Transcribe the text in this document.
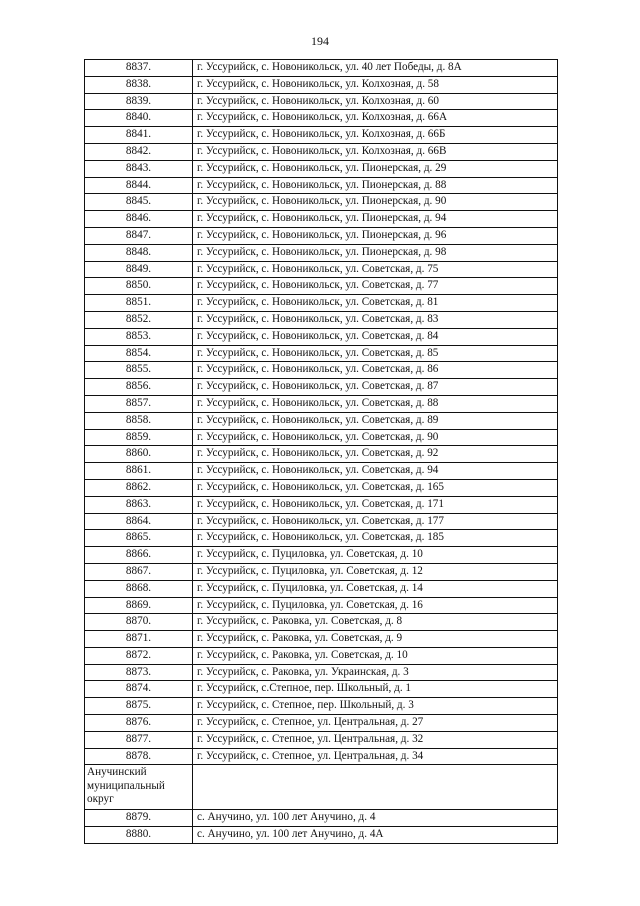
194
8837.	г. Уссурийск, с. Новоникольск, ул. 40 лет Победы, д. 8А
8838.	г. Уссурийск, с. Новоникольск, ул. Колхозная, д. 58
8839.	г. Уссурийск, с. Новоникольск, ул. Колхозная, д. 60
8840.	г. Уссурийск, с. Новоникольск, ул. Колхозная, д. 66А
8841.	г. Уссурийск, с. Новоникольск, ул. Колхозная, д. 66Б
8842.	г. Уссурийск, с. Новоникольск, ул. Колхозная, д. 66В
8843.	г. Уссурийск, с. Новоникольск, ул. Пионерская, д. 29
8844.	г. Уссурийск, с. Новоникольск, ул. Пионерская, д. 88
8845.	г. Уссурийск, с. Новоникольск, ул. Пионерская, д. 90
8846.	г. Уссурийск, с. Новоникольск, ул. Пионерская, д. 94
8847.	г. Уссурийск, с. Новоникольск, ул. Пионерская, д. 96
8848.	г. Уссурийск, с. Новоникольск, ул. Пионерская, д. 98
8849.	г. Уссурийск, с. Новоникольск, ул. Советская, д. 75
8850.	г. Уссурийск, с. Новоникольск, ул. Советская, д. 77
8851.	г. Уссурийск, с. Новоникольск, ул. Советская, д. 81
8852.	г. Уссурийск, с. Новоникольск, ул. Советская, д. 83
8853.	г. Уссурийск, с. Новоникольск, ул. Советская, д. 84
8854.	г. Уссурийск, с. Новоникольск, ул. Советская, д. 85
8855.	г. Уссурийск, с. Новоникольск, ул. Советская, д. 86
8856.	г. Уссурийск, с. Новоникольск, ул. Советская, д. 87
8857.	г. Уссурийск, с. Новоникольск, ул. Советская, д. 88
8858.	г. Уссурийск, с. Новоникольск, ул. Советская, д. 89
8859.	г. Уссурийск, с. Новоникольск, ул. Советская, д. 90
8860.	г. Уссурийск, с. Новоникольск, ул. Советская, д. 92
8861.	г. Уссурийск, с. Новоникольск, ул. Советская, д. 94
8862.	г. Уссурийск, с. Новоникольск, ул. Советская, д. 165
8863.	г. Уссурийск, с. Новоникольск, ул. Советская, д. 171
8864.	г. Уссурийск, с. Новоникольск, ул. Советская, д. 177
8865.	г. Уссурийск, с. Новоникольск, ул. Советская, д. 185
8866.	г. Уссурийск, с. Пуциловка, ул. Советская, д. 10
8867.	г. Уссурийск, с. Пуциловка, ул. Советская, д. 12
8868.	г. Уссурийск, с. Пуциловка, ул. Советская, д. 14
8869.	г. Уссурийск, с. Пуциловка, ул. Советская, д. 16
8870.	г. Уссурийск, с. Раковка, ул. Советская, д. 8
8871.	г. Уссурийск, с. Раковка, ул. Советская, д. 9
8872.	г. Уссурийск, с. Раковка, ул. Советская, д. 10
8873.	г. Уссурийск, с. Раковка, ул. Украинская, д. 3
8874.	г. Уссурийск, с.Степное, пер. Школьный, д. 1
8875.	г. Уссурийск, с. Степное, пер. Школьный, д. 3
8876.	г. Уссурийск, с. Степное, ул. Центральная, д. 27
8877.	г. Уссурийск, с. Степное, ул. Центральная, д. 32
8878.	г. Уссурийск, с. Степное, ул. Центральная, д. 34
Анучинский муниципальный округ	
8879.	с. Анучино, ул. 100 лет Анучино, д. 4
8880.	с. Анучино, ул. 100 лет Анучино, д. 4А
